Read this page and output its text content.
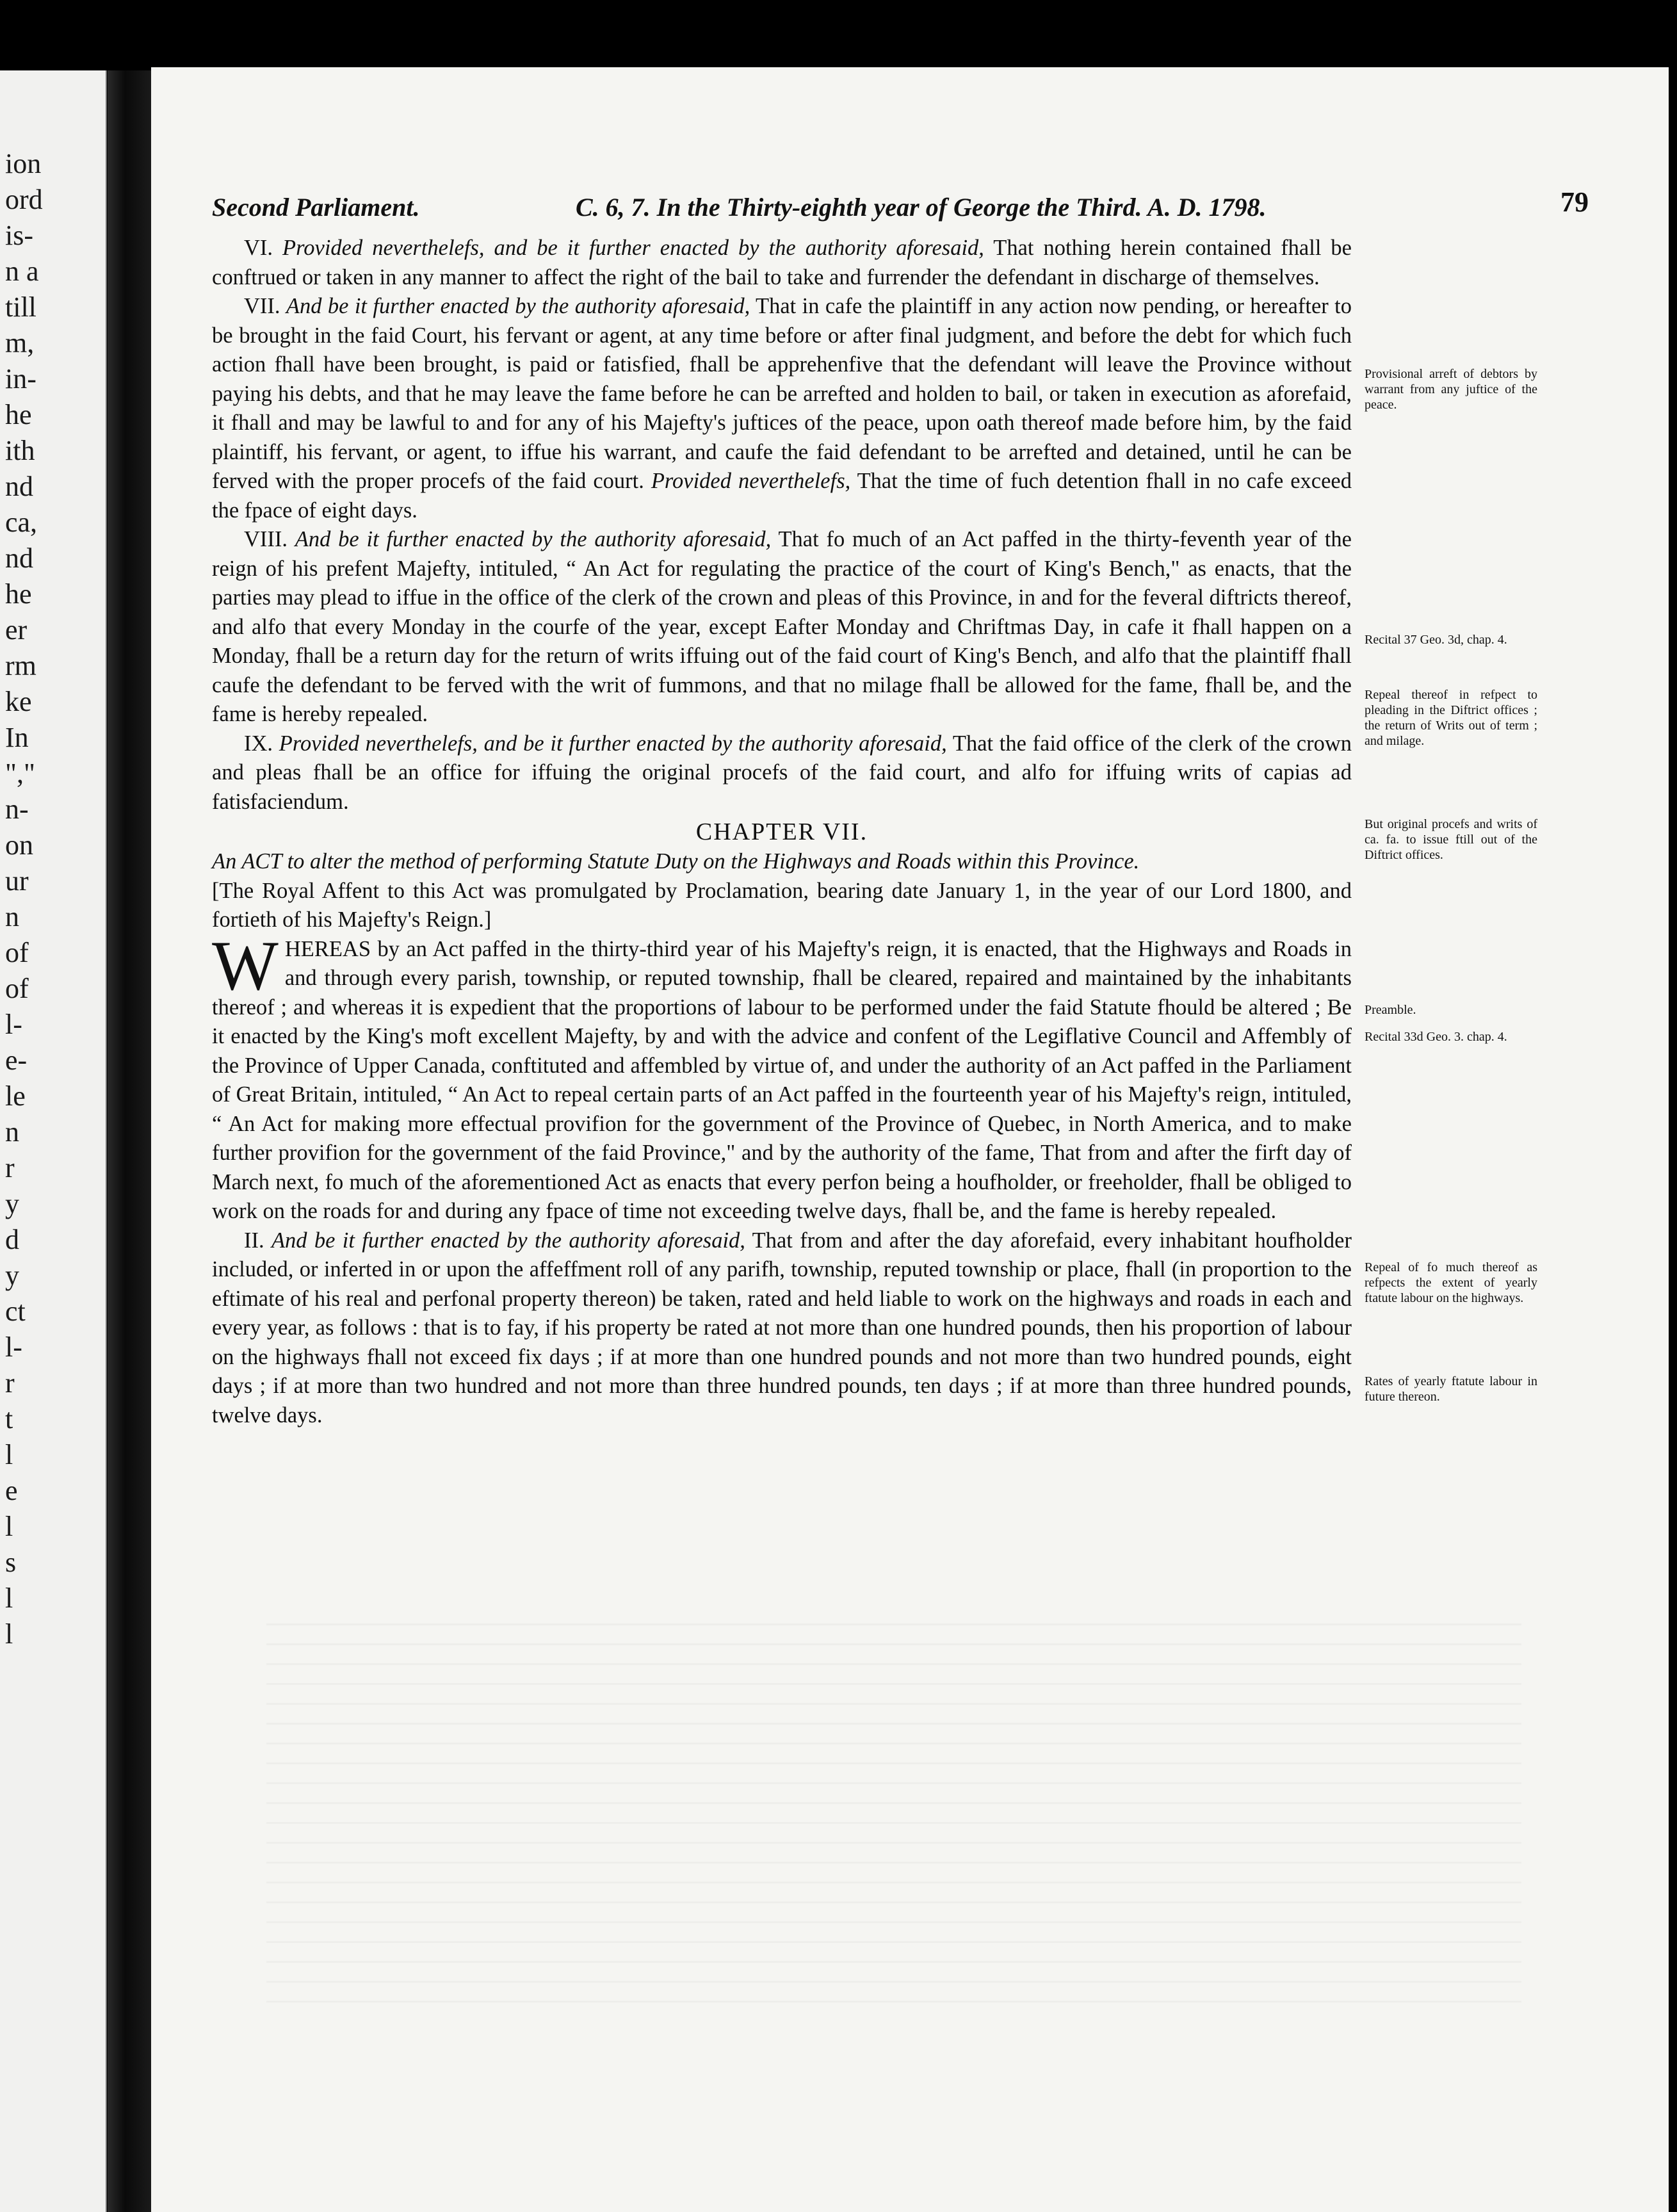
ion
ord
is-
n a
till
m,
in-
he
ith
nd
ca,
nd
he
er
rm
ke
In
","
n-
on
ur
n
of
of
l-
e-
le
n
r
y
d
y
ct
l-
r
t
l
e
l
s
l
l
Second Parliament.	C. 6, 7. In the Thirty-eighth year of George the Third. A. D. 1798.	79

VI. Provided neverthelefs, and be it further enacted by the authority aforesaid, That nothing herein contained fhall be conftrued or taken in any manner to affect the right of the bail to take and furrender the defendant in discharge of themselves.

VII. And be it further enacted by the authority aforesaid, That in cafe the plaintiff in any action now pending, or hereafter to be brought in the faid Court, his fervant or agent, at any time before or after final judgment, and before the debt for which fuch action fhall have been brought, is paid or fatisfied, fhall be apprehenfive that the defendant will leave the Province without paying his debts, and that he may leave the fame before he can be arrefted and holden to bail, or taken in execution as aforefaid, it fhall and may be lawful to and for any of his Majefty's juftices of the peace, upon oath thereof made before him, by the faid plaintiff, his fervant, or agent, to iffue his warrant, and caufe the faid defendant to be arrefted and detained, until he can be ferved with the proper procefs of the faid court. Provided neverthelefs, That the time of fuch detention fhall in no cafe exceed the fpace of eight days.

VIII. And be it further enacted by the authority aforesaid, That fo much of an Act paffed in the thirty-feventh year of the reign of his prefent Majefty, intituled, “ An Act for regulating the practice of the court of King's Bench," as enacts, that the parties may plead to iffue in the office of the clerk of the crown and pleas of this Province, in and for the feveral diftricts thereof, and alfo that every Monday in the courfe of the year, except Eafter Monday and Chriftmas Day, in cafe it fhall happen on a Monday, fhall be a return day for the return of writs iffuing out of the faid court of King's Bench, and alfo that the plaintiff fhall caufe the defendant to be ferved with the writ of fummons, and that no milage fhall be allowed for the fame, fhall be, and the fame is hereby repealed.

IX. Provided neverthelefs, and be it further enacted by the authority aforesaid, That the faid office of the clerk of the crown and pleas fhall be an office for iffuing the original procefs of the faid court, and alfo for iffuing writs of capias ad fatisfaciendum.

CHAPTER VII.

An ACT to alter the method of performing Statute Duty on the Highways and Roads within this Province.

[The Royal Affent to this Act was promulgated by Proclamation, bearing date January 1, in the year of our Lord 1800, and fortieth of his Majefty's Reign.]

W HEREAS by an Act paffed in the thirty-third year of his Majefty's reign, it is enacted, that the Highways and Roads in and through every parish, township, or reputed township, fhall be cleared, repaired and maintained by the inhabitants thereof ; and whereas it is expedient that the proportions of labour to be performed under the faid Statute fhould be altered ; Be it enacted by the King's moft excellent Majefty, by and with the advice and confent of the Legiflative Council and Affembly of the Province of Upper Canada, conftituted and affembled by virtue of, and under the authority of an Act paffed in the Parliament of Great Britain, intituled, “ An Act to repeal certain parts of an Act paffed in the fourteenth year of his Majefty's reign, intituled, “ An Act for making more effectual provifion for the government of the Province of Quebec, in North America, and to make further provifion for the government of the faid Province," and by the authority of the fame, That from and after the firft day of March next, fo much of the aforementioned Act as enacts that every perfon being a houfholder, or freeholder, fhall be obliged to work on the roads for and during any fpace of time not exceeding twelve days, fhall be, and the fame is hereby repealed.

II. And be it further enacted by the authority aforesaid, That from and after the day aforefaid, every inhabitant houfholder included, or inferted in or upon the affeffment roll of any parifh, township, reputed township or place, fhall (in proportion to the eftimate of his real and perfonal property thereon) be taken, rated and held liable to work on the highways and roads in each and every year, as follows : that is to fay, if his property be rated at not more than one hundred pounds, then his proportion of labour on the highways fhall not exceed fix days ; if at more than one hundred pounds and not more than two hundred pounds, eight days ; if at more than two hundred and not more than three hundred pounds, ten days ; if at more than three hundred pounds, twelve days.

Provisional arreft of debtors by warrant from any juftice of the peace.
Recital 37 Geo. 3d, chap. 4.
Repeal thereof in refpect to pleading in the Diftrict offices ; the return of Writs out of term ; and milage.
But original procefs and writs of ca. fa. to issue ftill out of the Diftrict offices.
Preamble.
Recital 33d Geo. 3. chap. 4.
Repeal of fo much thereof as refpects the extent of yearly ftatute labour on the highways.
Rates of yearly ftatute labour in future thereon.
